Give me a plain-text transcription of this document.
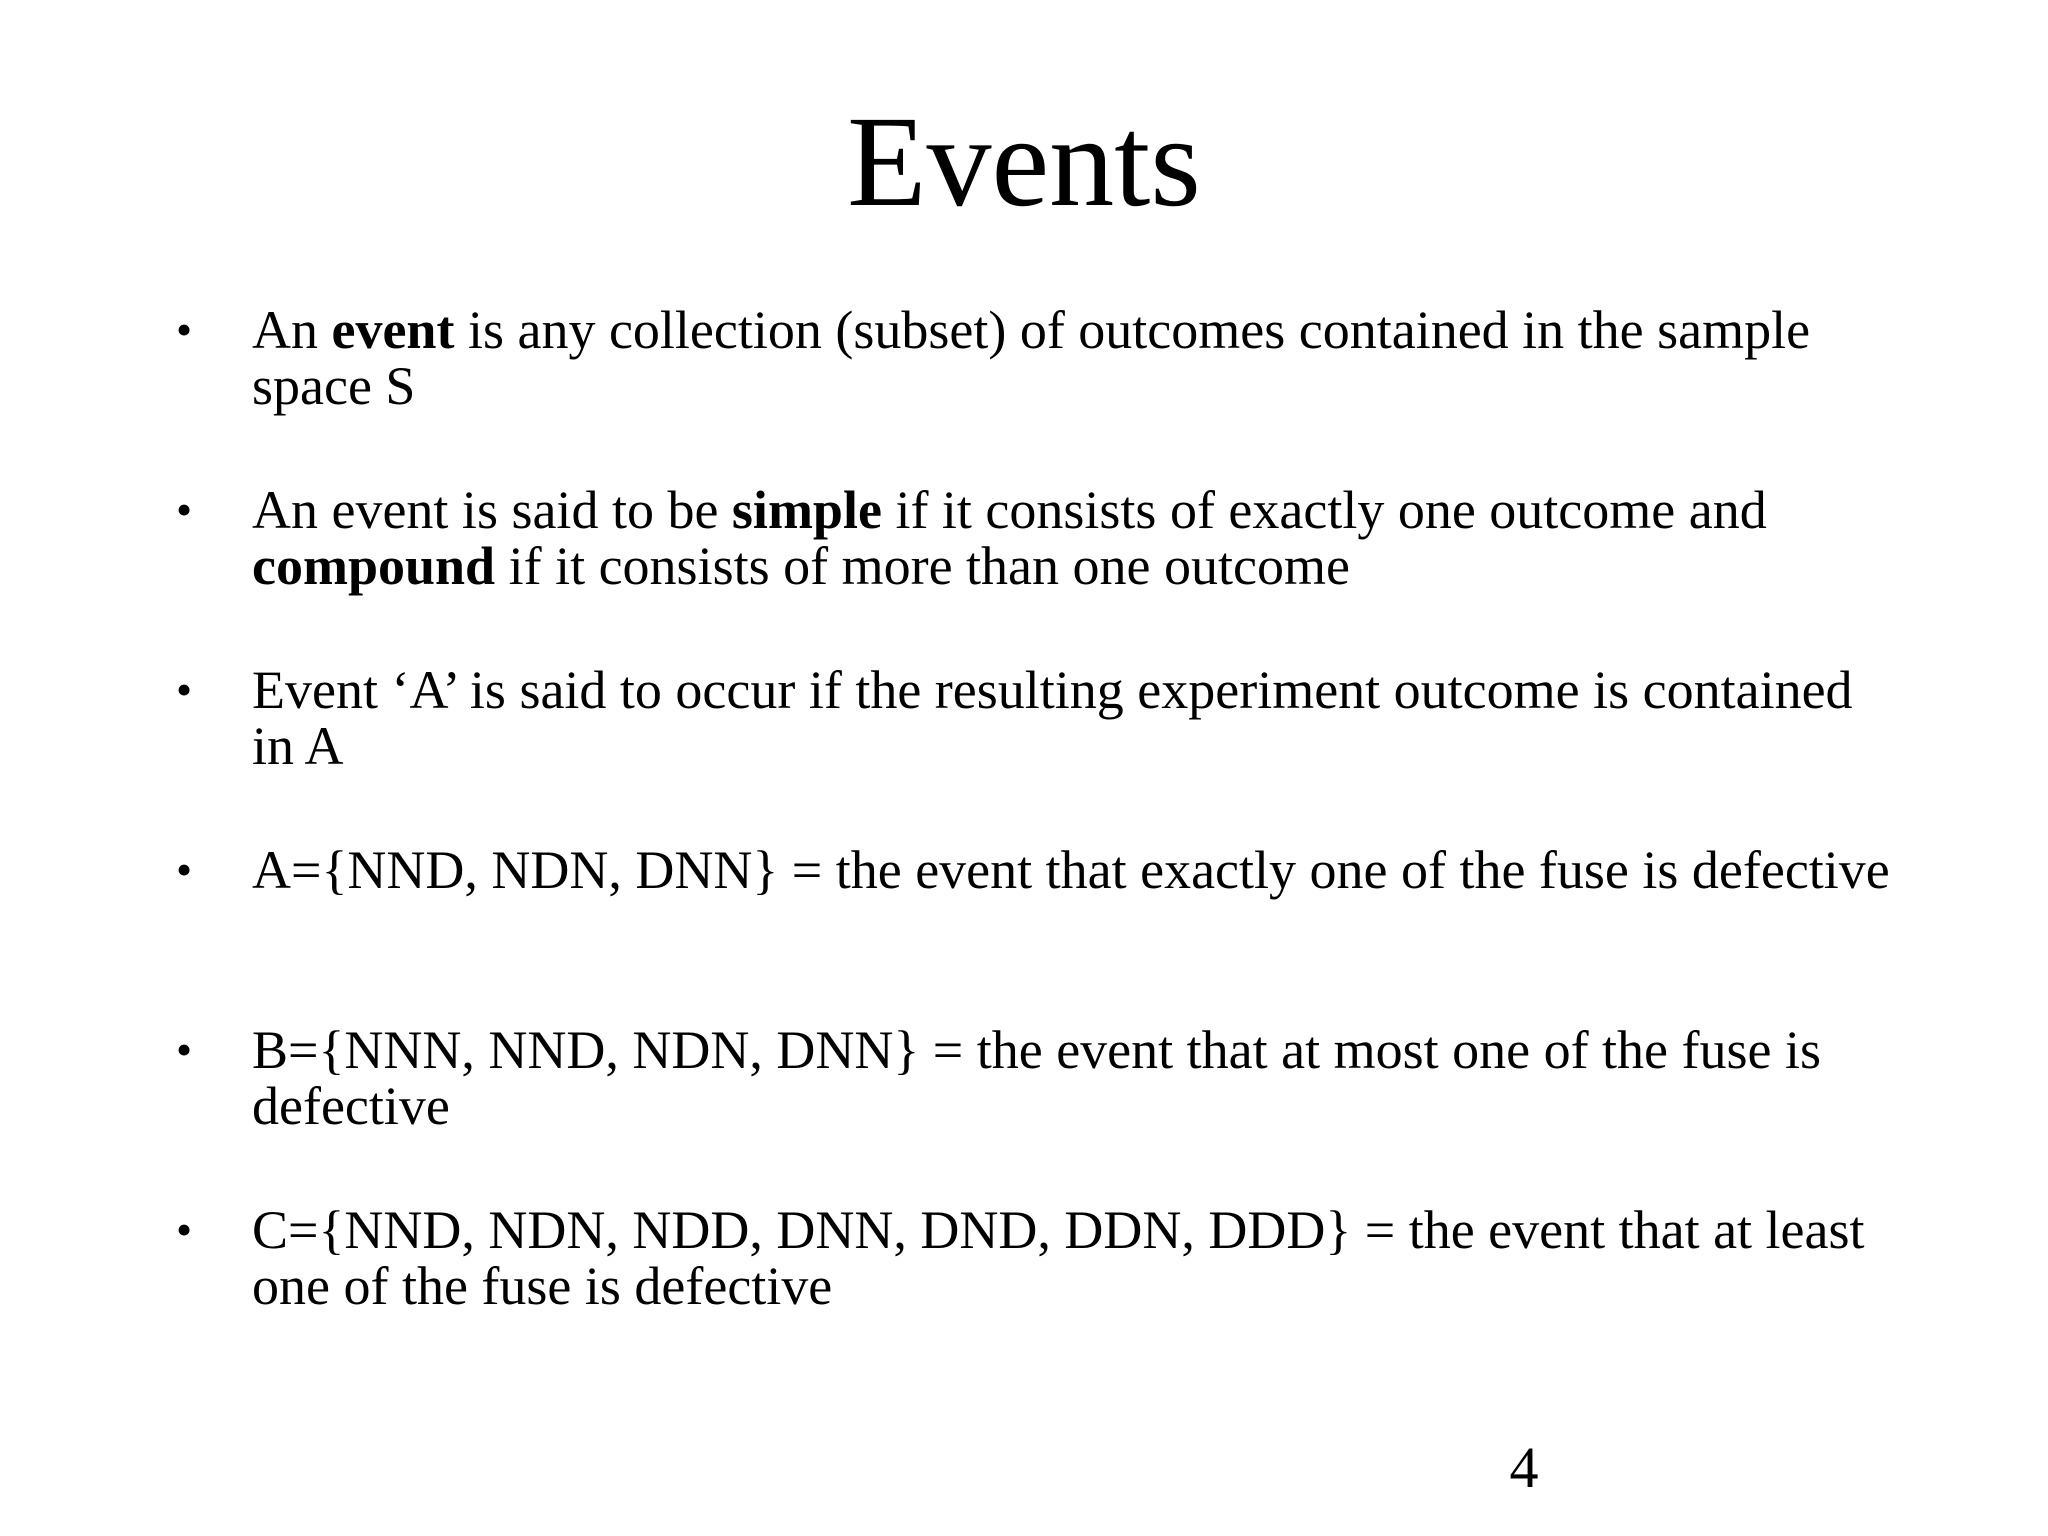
Events
• An event is any collection (subset) of outcomes contained in the sample space S
• An event is said to be simple if it consists of exactly one outcome and compound if it consists of more than one outcome
• Event ‘A’ is said to occur if the resulting experiment outcome is contained in A
• A={NND, NDN, DNN} = the event that exactly one of the fuse is defective
• B={NNN, NND, NDN, DNN} = the event that at most one of the fuse is defective
• C={NND, NDN, NDD, DNN, DND, DDN, DDD} = the event that at least one of the fuse is defective
4
